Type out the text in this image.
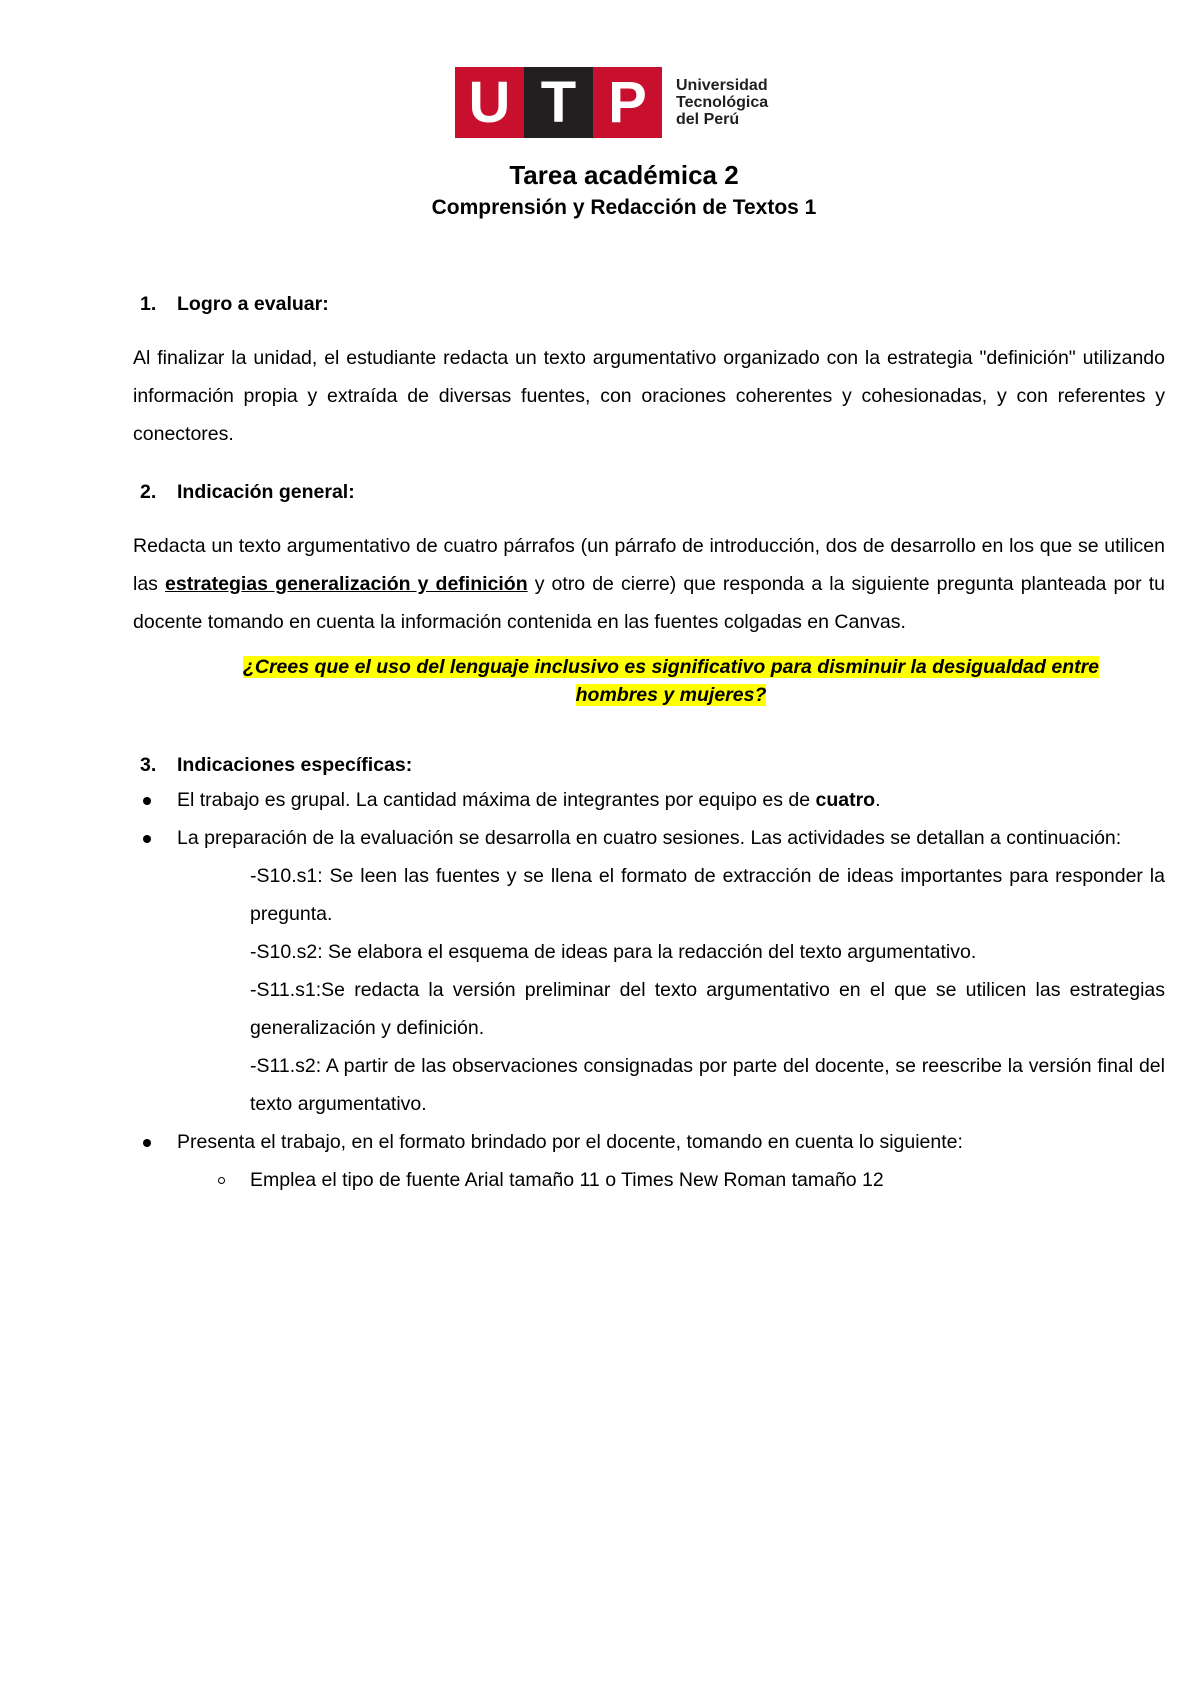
U T P	Universidad
Tecnológica
del Perú
Tarea académica 2
Comprensión y Redacción de Textos 1
1. Logro a evaluar:
Al finalizar la unidad, el estudiante redacta un texto argumentativo organizado con la estrategia "definición" utilizando información propia y extraída de diversas fuentes, con oraciones coherentes y cohesionadas, y con referentes y conectores.
2. Indicación general:
Redacta un texto argumentativo de cuatro párrafos (un párrafo de introducción, dos de desarrollo en los que se utilicen las estrategias generalización y definición y otro de cierre) que responda a la siguiente pregunta planteada por tu docente tomando en cuenta la información contenida en las fuentes colgadas en Canvas.
¿Crees que el uso del lenguaje inclusivo es significativo para disminuir la desigualdad entre
hombres y mujeres?
3. Indicaciones específicas:
El trabajo es grupal. La cantidad máxima de integrantes por equipo es de cuatro.
La preparación de la evaluación se desarrolla en cuatro sesiones. Las actividades se detallan a continuación:
-S10.s1: Se leen las fuentes y se llena el formato de extracción de ideas importantes para responder la pregunta.
-S10.s2: Se elabora el esquema de ideas para la redacción del texto argumentativo.
-S11.s1:Se redacta la versión preliminar del texto argumentativo en el que se utilicen las estrategias generalización y definición.
-S11.s2: A partir de las observaciones consignadas por parte del docente, se reescribe la versión final del texto argumentativo.
Presenta el trabajo, en el formato brindado por el docente, tomando en cuenta lo siguiente:
Emplea el tipo de fuente Arial tamaño 11 o Times New Roman tamaño 12
